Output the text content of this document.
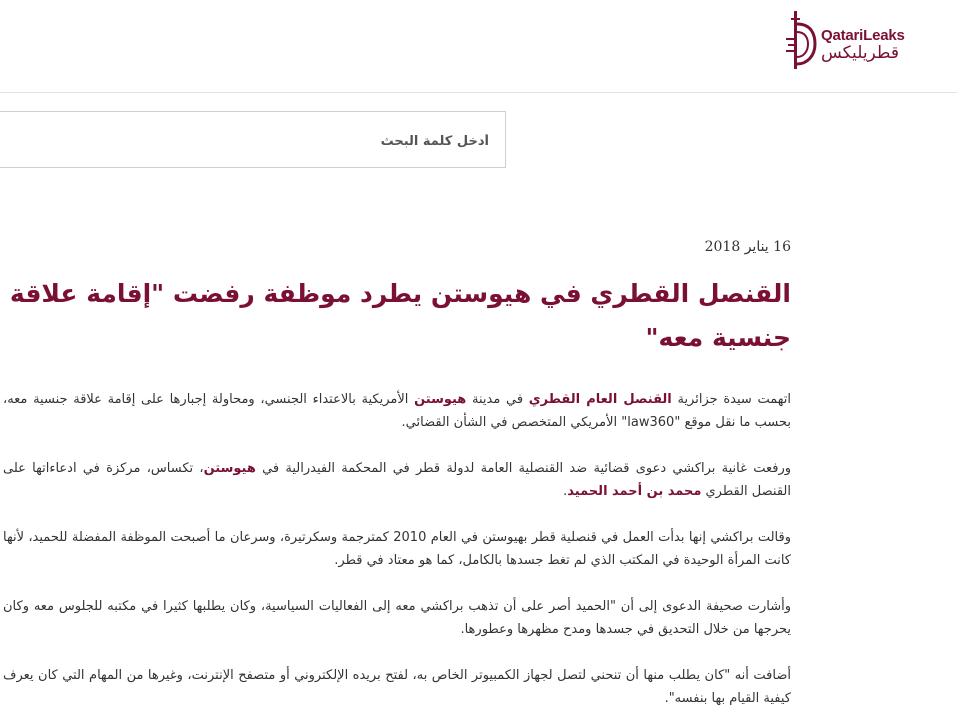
QatariLeaks
قطريليكس
أدخل كلمة البحث
16 يناير 2018
القنصل القطري في هيوستن يطرد موظفة رفضت "إقامة علاقة جنسية معه"

اتهمت سيدة جزائرية القنصل العام القطري في مدينة هيوستن الأمريكية بالاعتداء الجنسي، ومحاولة إجبارها على إقامة علاقة جنسية معه، بحسب ما نقل موقع "law360" الأمريكي المتخصص في الشأن القضائي.

ورفعت غانية براكشي دعوى قضائية ضد القنصلية العامة لدولة قطر في المحكمة الفيدرالية في هيوستن، تكساس، مركزة في ادعاءاتها على القنصل القطري محمد بن أحمد الحميد.

وقالت براكشي إنها بدأت العمل في قنصلية قطر بهيوستن في العام 2010 كمترجمة وسكرتيرة، وسرعان ما أصبحت الموظفة المفضلة للحميد، لأنها كانت المرأة الوحيدة في المكتب الذي لم تغط جسدها بالكامل، كما هو معتاد في قطر.

وأشارت صحيفة الدعوى إلى أن "الحميد أصر على أن تذهب براكشي معه إلى الفعاليات السياسية، وكان يطلبها كثيرا في مكتبه للجلوس معه وكان يحرجها من خلال التحديق في جسدها ومدح مظهرها وعطورها.

أضافت أنه "كان يطلب منها أن تنحني لتصل لجهاز الكمبيوتر الخاص به، لفتح بريده الإلكتروني أو متصفح الإنترنت، وغيرها من المهام التي كان يعرف كيفية القيام بها بنفسه".
